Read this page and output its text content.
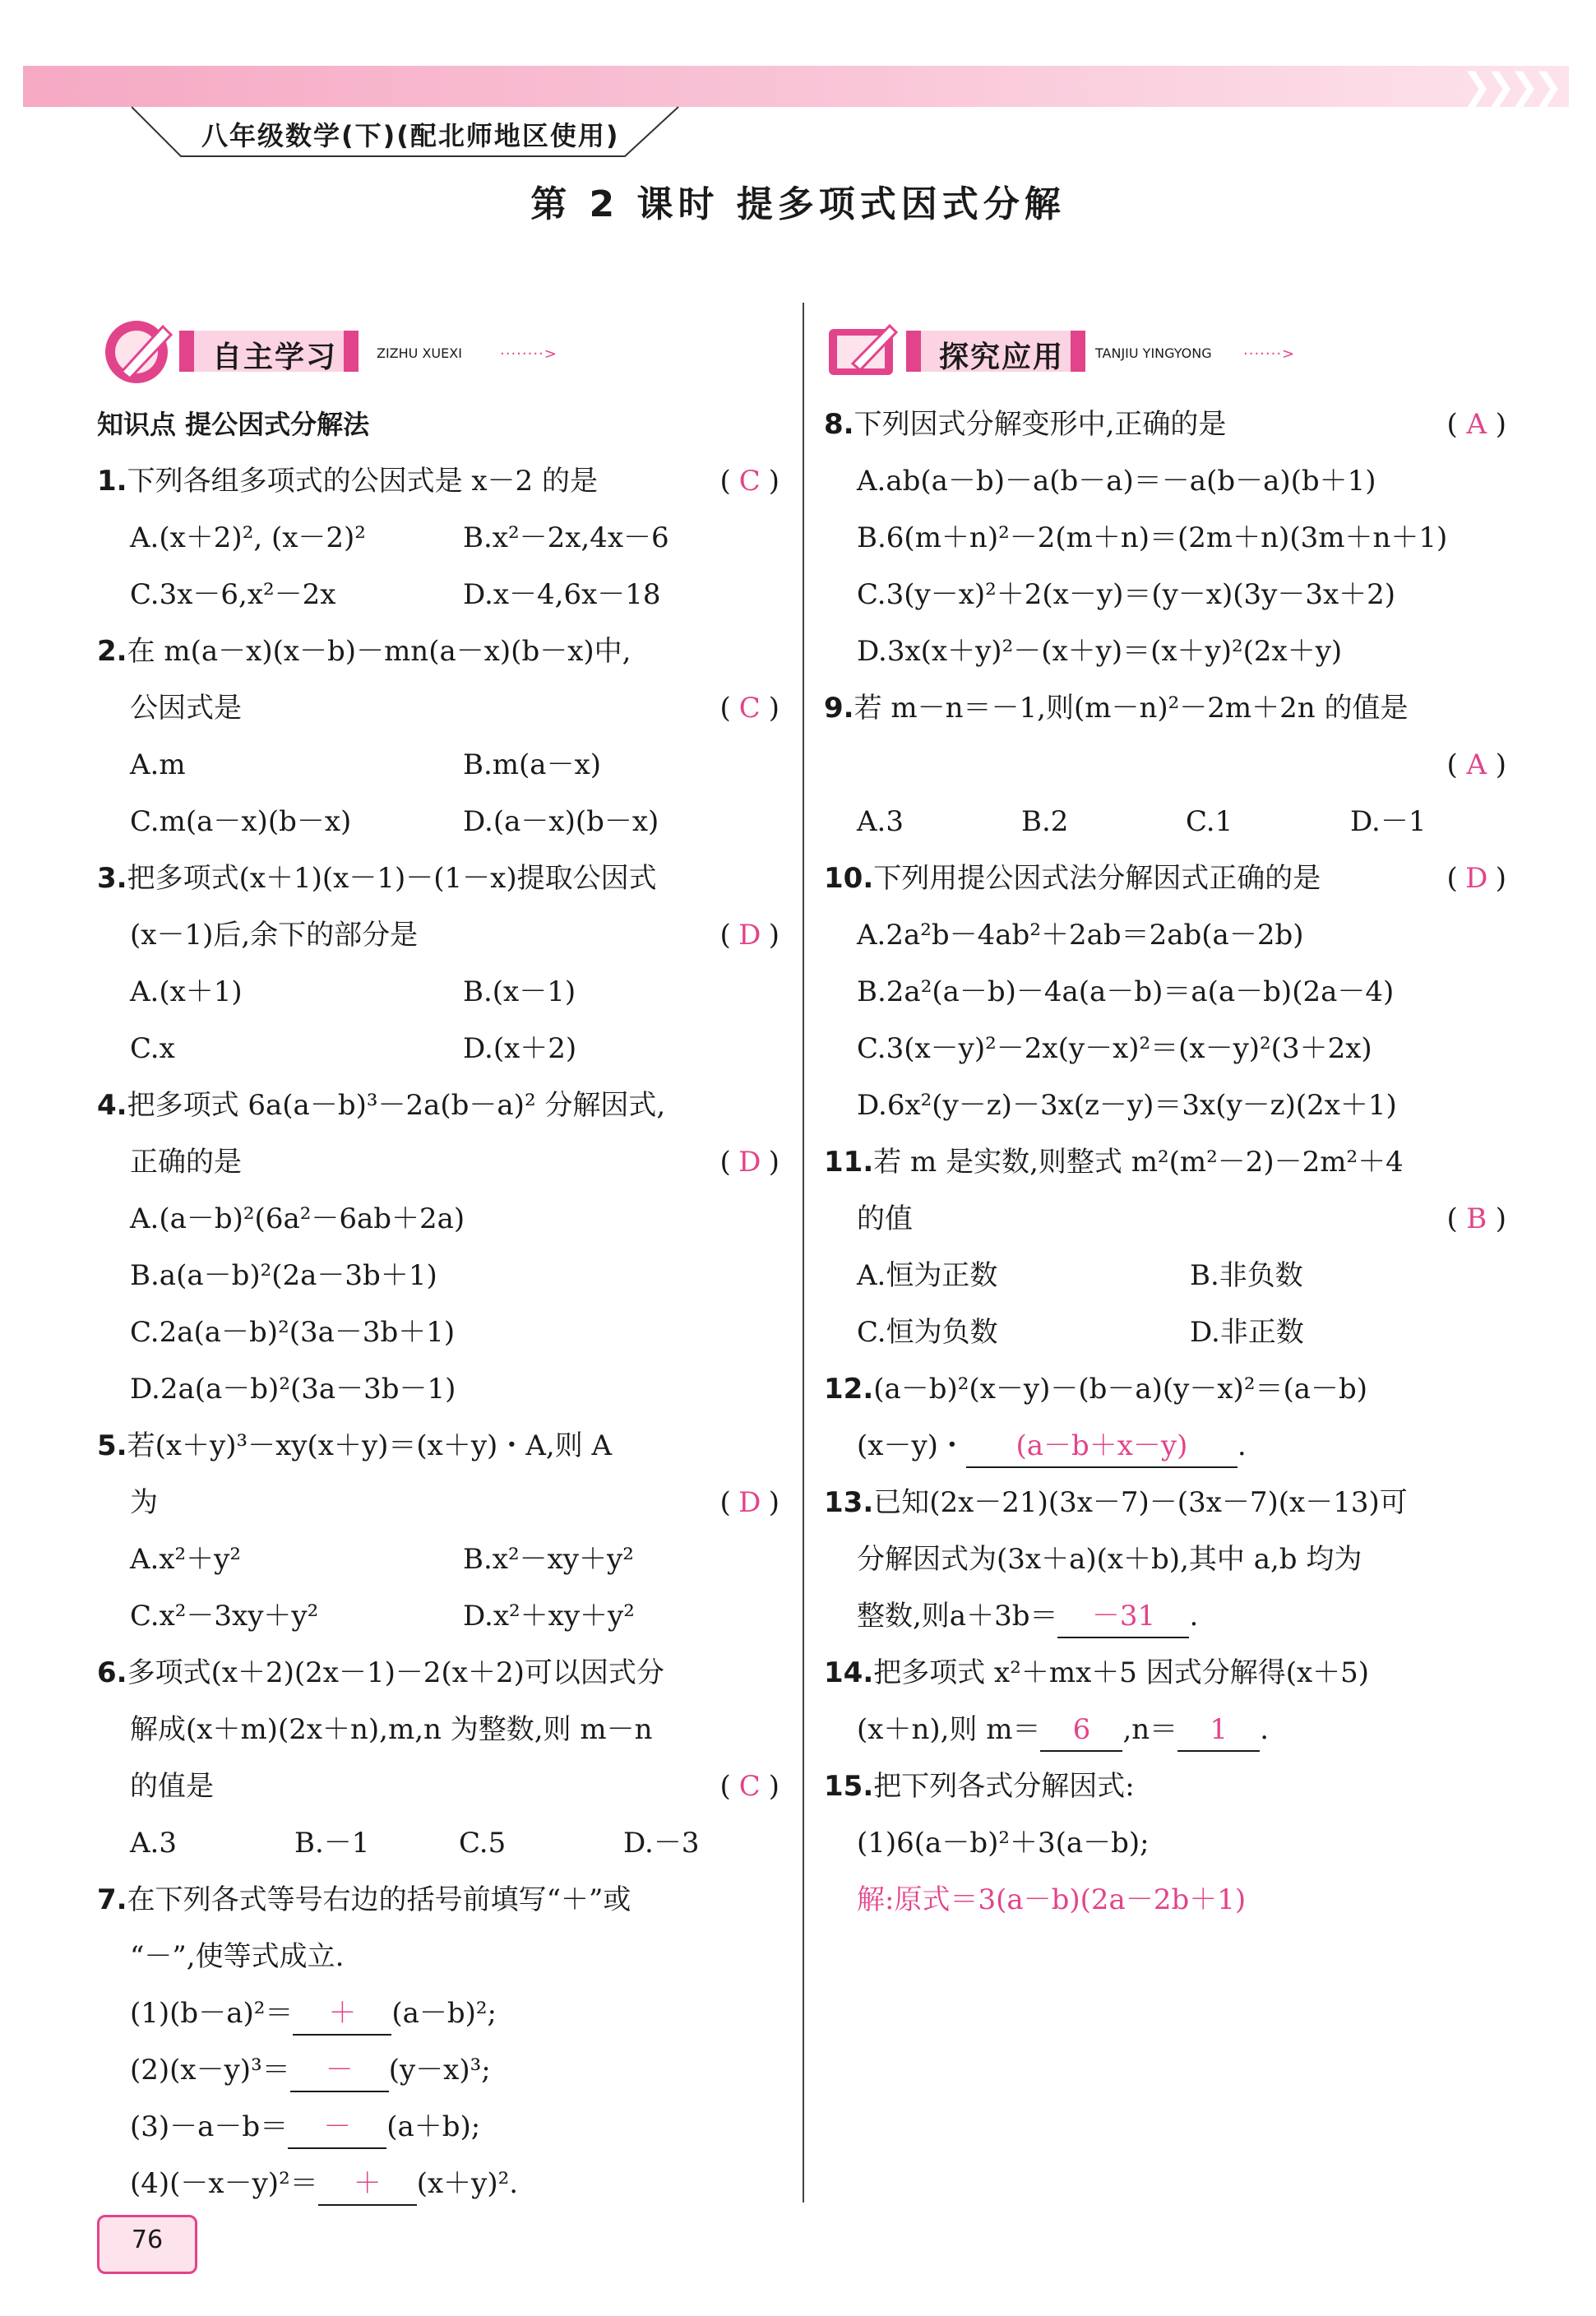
❯❯❯❯
八年级数学(下)(配北师地区使用)
第 2 课时 提多项式因式分解
自主学习	ZIZHU XUEXI	········>
知识点 提公因式分解法
1.下列各组多项式的公因式是 x－2 的是	( C )
A.(x＋2)², (x－2)²	B.x²－2x,4x－6
C.3x－6,x²－2x	D.x－4,6x－18
2.在 m(a－x)(x－b)－mn(a－x)(b－x)中,
公因式是	( C )
A.m	B.m(a－x)
C.m(a－x)(b－x)	D.(a－x)(b－x)
3.把多项式(x＋1)(x－1)－(1－x)提取公因式
(x－1)后,余下的部分是	( D )
A.(x＋1)	B.(x－1)
C.x	D.(x＋2)
4.把多项式 6a(a－b)³－2a(b－a)² 分解因式,
正确的是	( D )
A.(a－b)²(6a²－6ab＋2a)
B.a(a－b)²(2a－3b＋1)
C.2a(a－b)²(3a－3b＋1)
D.2a(a－b)²(3a－3b－1)
5.若(x＋y)³－xy(x＋y)＝(x＋y)・A,则 A
为	( D )
A.x²＋y²	B.x²－xy＋y²
C.x²－3xy＋y²	D.x²＋xy＋y²
6.多项式(x＋2)(2x－1)－2(x＋2)可以因式分
解成(x＋m)(2x＋n),m,n 为整数,则 m－n
的值是	( C )
A.3	B.－1	C.5	D.－3
7.在下列各式等号右边的括号前填写“＋”或
“－”,使等式成立.
(1)(b－a)²＝ ＋ (a－b)²;
(2)(x－y)³＝ － (y－x)³;
(3)－a－b＝ － (a＋b);
(4)(－x－y)²＝ ＋ (x＋y)².
探究应用 TANJIU YINGYONG ·······>
8.下列因式分解变形中,正确的是	( A )
A.ab(a－b)－a(b－a)＝－a(b－a)(b＋1)
B.6(m＋n)²－2(m＋n)＝(2m＋n)(3m＋n＋1)
C.3(y－x)²＋2(x－y)＝(y－x)(3y－3x＋2)
D.3x(x＋y)²－(x＋y)＝(x＋y)²(2x＋y)
9.若 m－n＝－1,则(m－n)²－2m＋2n 的值是
( A )
A.3	B.2	C.1	D.－1
10.下列用提公因式法分解因式正确的是	( D )
A.2a²b－4ab²＋2ab＝2ab(a－2b)
B.2a²(a－b)－4a(a－b)＝a(a－b)(2a－4)
C.3(x－y)²－2x(y－x)²＝(x－y)²(3＋2x)
D.6x²(y－z)－3x(z－y)＝3x(y－z)(2x＋1)
11.若 m 是实数,则整式 m²(m²－2)－2m²＋4
的值	( B )
A.恒为正数	B.非负数
C.恒为负数	D.非正数
12.(a－b)²(x－y)－(b－a)(y－x)²＝(a－b)
(x－y)・ (a－b＋x－y) .
13.已知(2x－21)(3x－7)－(3x－7)(x－13)可
分解因式为(3x＋a)(x＋b),其中 a,b 均为
整数,则a＋3b＝ －31 .
14.把多项式 x²＋mx＋5 因式分解得(x＋5)
(x＋n),则 m＝ 6 ,n＝ 1 .
15.把下列各式分解因式:
(1)6(a－b)²＋3(a－b);
解:原式＝3(a－b)(2a－2b＋1)
76
